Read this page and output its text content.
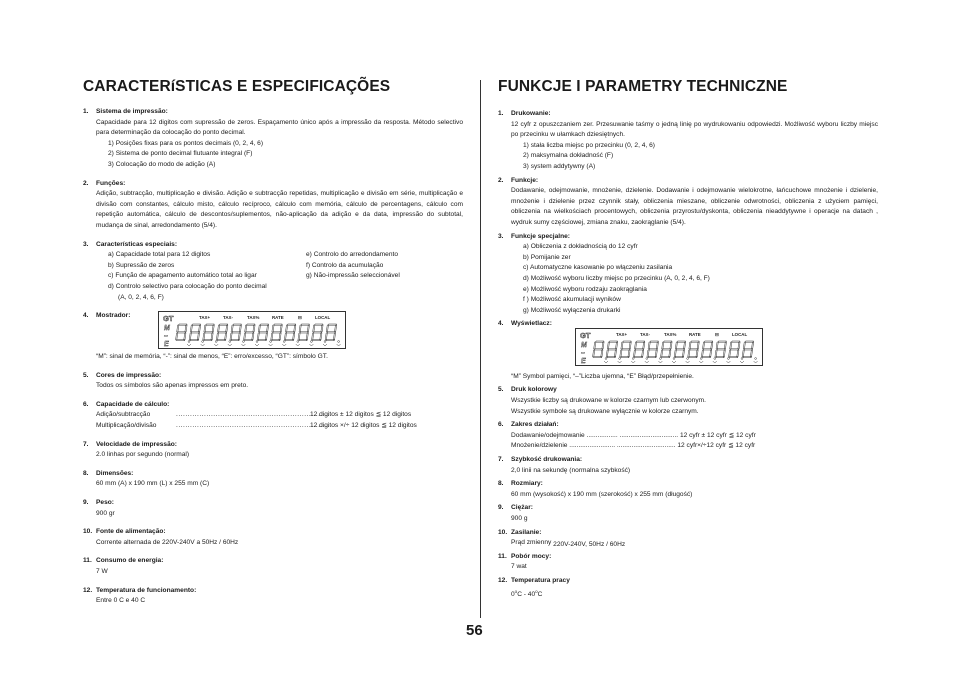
CARACTERíSTICAS E ESPECIFICAÇÕES
1. Sistema de impressão:

Capacidade para 12 digitos com supressão de zeros. Espaçamento único após a impressão da resposta. Método selectivo para determinação da colocação do ponto decimal.

1) Posições fixas para os pontos decimais (0, 2, 4, 6)
2) Sistema de ponto decimal flutuante integral (F)
3) Colocação do modo de adição (A)
2. Funções:

Adição, subtracção, multiplicação e divisão. Adição e subtracção repetidas, multiplicação e divisão em série, multiplicação e divisão com constantes, cálculo misto, cálculo recíproco, cálculo com memória, cálculo de percentagens, cálculo com repetição automática, cálculo de descontos/suplementos, não-aplicação da adição e da data, impressão do subtotal, mudança de sinal, arredondamento (5/4).

3. Características especiais:
a) Capacidade total para 12 digitos
b) Supressão de zeros
c) Função de apagamento automático total ao ligar
d) Controlo selectivo para colocação do ponto decimal
(A, 0, 2, 4, 6, F)
e) Controlo do arredondamento
f) Controlo da acumulação
g) Não-impressão seleccionável
4. Mostrador:	GT	TAX+	TAX-	TAX%	RATE	⊟	LOCAL
M
–
E
“M”: sinal de memória, “-”: sinal de menos, “E”: erro/excesso, “GT”: símbolo GT.
5. Cores de impressão:
Todos os símbolos são apenas impressos em preto.
6. Capacidade de cálculo:
Adição/subtracção	..................................................................
12 digitos ± 12 digitos ≦ 12 digitos
Multiplicação/divisão	..................................................................
12 digitos ×/÷ 12 digitos ≦ 12 digitos
7. Velocidade de impressão:
2.0 linhas por segundo (normal)
8. Dimensões:
60 mm (A) x 190 mm (L) x 255 mm (C)
9. Peso:
900 gr
10. Fonte de alimentação:
Corrente alternada de 220V-240V a 50Hz / 60Hz
11. Consumo de energia:
7 W
12. Temperatura de funcionamento:
Entre 0 C e 40 C
FUNKCJE I PARAMETRY TECHNICZNE
1. Drukowanie:

12 cyfr z opuszczaniem zer. Przesuwanie taśmy o jedną linię po wydrukowaniu odpowiedzi. Możliwość wyboru liczby miejsc po przecinku w ułamkach dziesiętnych.

1) stała liczba miejsc po przecinku (0, 2, 4, 6)
2) maksymalna dokładność (F)
3) system addytywny (A)
2. Funkcje:

Dodawanie, odejmowanie, mnożenie, dzielenie. Dodawanie i odejmowanie wielokrotne, łańcuchowe mnożenie i dzielenie, mnożenie i dzielenie przez czynnik stały, obliczenia mieszane, obliczenie odwrotności, obliczenia z użyciem pamięci, obliczenia na wielkościach procentowych, obliczenia przyrostu/dyskonta, obliczenia nieaddytywne i operacje na datach , wydruk sumy częściowej, zmiana znaku, zaokrąglanie (5/4).

3. Funkcje specjalne:
a) Obliczenia z dokładnością do 12 cyfr
b) Pomijanie zer
c) Automatyczne kasowanie po włączeniu zasilania
d) Możliwość wyboru liczby miejsc po przecinku (A, 0, 2, 4, 6, F)
e) Możliwość wyboru rodzaju zaokrąglania
f ) Możliwość akumulacji wyników
g) Możliwość wyłączenia drukarki
4. Wyświetlacz:
GT	TAX+	TAX-	TAX%	RATE	⊟	LOCAL
M
–
E
“M” Symbol pamięci, “–”Liczba ujemna, “E” Błąd/przepełnienie.
5. Druk kolorowy
Wszystkie liczby są drukowane w kolorze czarnym lub czerwonym.
Wszystkie symbole są drukowane wyłącznie w kolorze czarnym.
6. Zakres działań:
Dodawanie/odejmowanie ................. ................................ 12 cyfr ± 12 cyfr ≦ 12 cyfr
Mnożenie/dzielenie ......................... ................................ 12 cyfr×/÷12 cyfr ≦ 12 cyfr
7. Szybkość drukowania:
2,0 linii na sekundę (normalna szybkość)
8. Rozmiary:
60 mm (wysokość) x 190 mm (szerokość) x 255 mm (długość)
9. Ciężar:
900 g
10. Zasilanie:
Prąd zmienny 220V-240V, 50Hz / 60Hz
11. Pobór mocy:
7 wat
12. Temperatura pracy
0$^o$C - 40$^o$C
56
